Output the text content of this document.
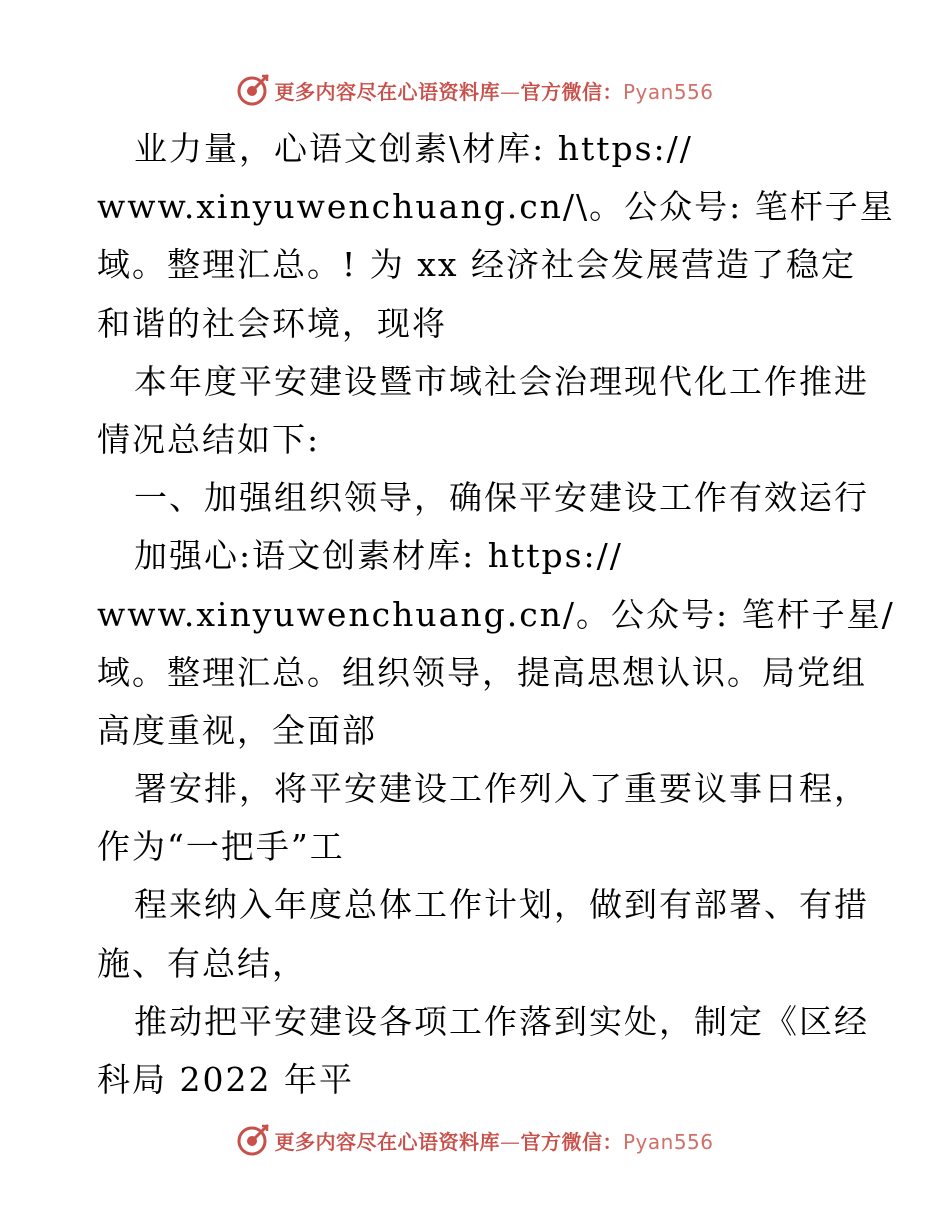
更多内容尽在心语资料库—官方微信：Pyan556
业力量，心语文创素\材库: https://
www.xinyuwenchuang.cn/\。公众号: 笔杆子星
域。整理汇总。! 为 xx 经济社会发展营造了稳定
和谐的社会环境，现将
本年度平安建设暨市域社会治理现代化工作推进
情况总结如下:
一、加强组织领导，确保平安建设工作有效运行
加强心:语文创素材库: https://
www.xinyuwenchuang.cn/。公众号: 笔杆子星/
域。整理汇总。组织领导，提高思想认识。局党组
高度重视，全面部
署安排，将平安建设工作列入了重要议事日程，
作为“一把手”工
程来纳入年度总体工作计划，做到有部署、有措
施、有总结，
推动把平安建设各项工作落到实处，制定《区经
科局 2022 年平
更多内容尽在心语资料库—官方微信：Pyan556
